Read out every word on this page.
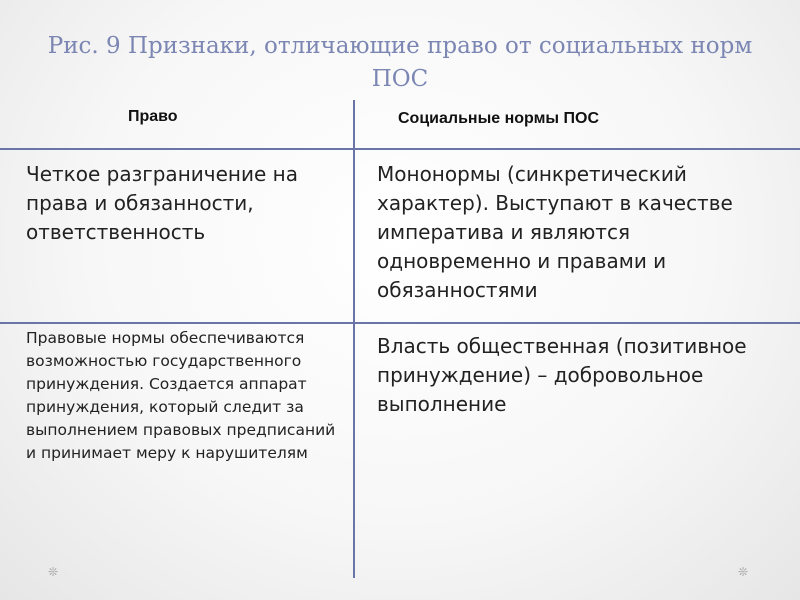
Рис. 9 Признаки, отличающие право от социальных норм ПОС
Право	Социальные нормы ПОС
Четкое разграничение на права и обязанности, ответственность
Мононормы (синкретический характер). Выступают в качестве императива и являются одновременно и правами и обязанностями
Правовые нормы обеспечиваются возможностью государственного принуждения. Создается аппарат принуждения, который следит за выполнением правовых предписаний и принимает меру к нарушителям
Власть общественная (позитивное принуждение) – добровольное выполнение
❊	❊
